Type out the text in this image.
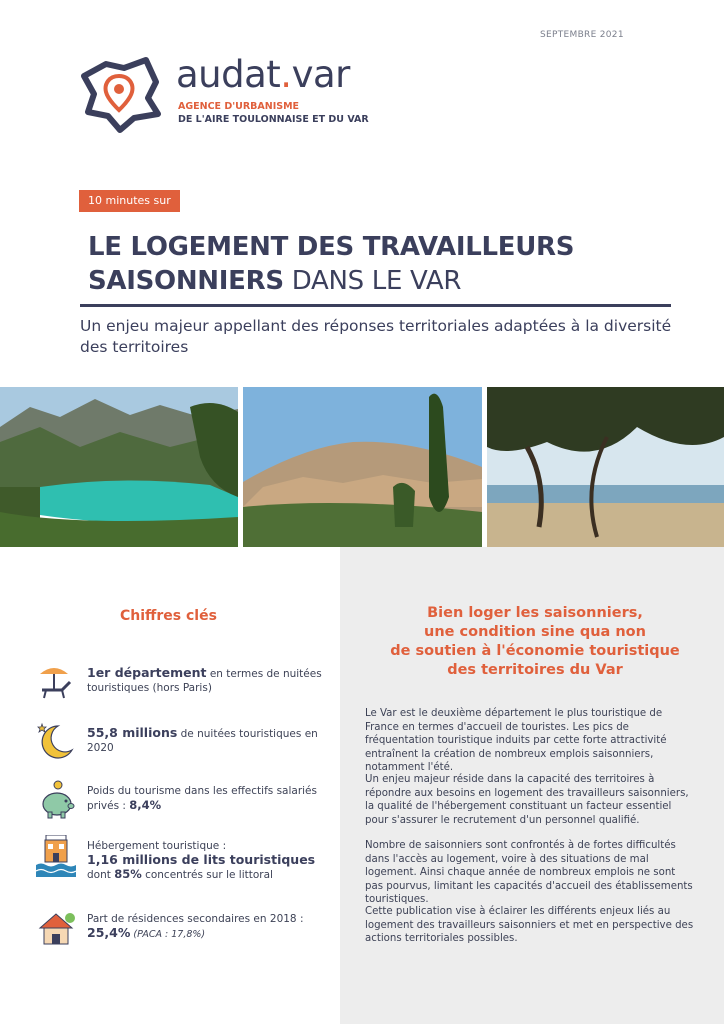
SEPTEMBRE 2021
audat.var
AGENCE D'URBANISME
DE L'AIRE TOULONNAISE ET DU VAR
10 minutes sur
LE LOGEMENT DES TRAVAILLEURS
SAISONNIERS DANS LE VAR
Un enjeu majeur appellant des réponses territoriales adaptées à la diversité des territoires
Chiffres clés
1er département en termes de nuitées touristiques (hors Paris)
55,8 millions de nuitées touristiques en 2020
Poids du tourisme dans les effectifs salariés privés : 8,4%
Hébergement touristique :
1,16 millions de lits touristiques
dont 85% concentrés sur le littoral
Part de résidences secondaires en 2018 :
25,4% (PACA : 17,8%)
Bien loger les saisonniers,
une condition sine qua non
de soutien à l'économie touristique
des territoires du Var
Le Var est le deuxième département le plus touristique de France en termes d'accueil de touristes. Les pics de fréquentation touristique induits par cette forte attractivité entraînent la création de nombreux emplois saisonniers, notamment l'été.
Un enjeu majeur réside dans la capacité des territoires à répondre aux besoins en logement des travailleurs saisonniers, la qualité de l'hébergement constituant un facteur essentiel pour s'assurer le recrutement d'un personnel qualifié.
Nombre de saisonniers sont confrontés à de fortes difficultés dans l'accès au logement, voire à des situations de mal logement. Ainsi chaque année de nombreux emplois ne sont pas pourvus, limitant les capacités d'accueil des établissements touristiques.
Cette publication vise à éclairer les différents enjeux liés au logement des travailleurs saisonniers et met en perspective des actions territoriales possibles.
